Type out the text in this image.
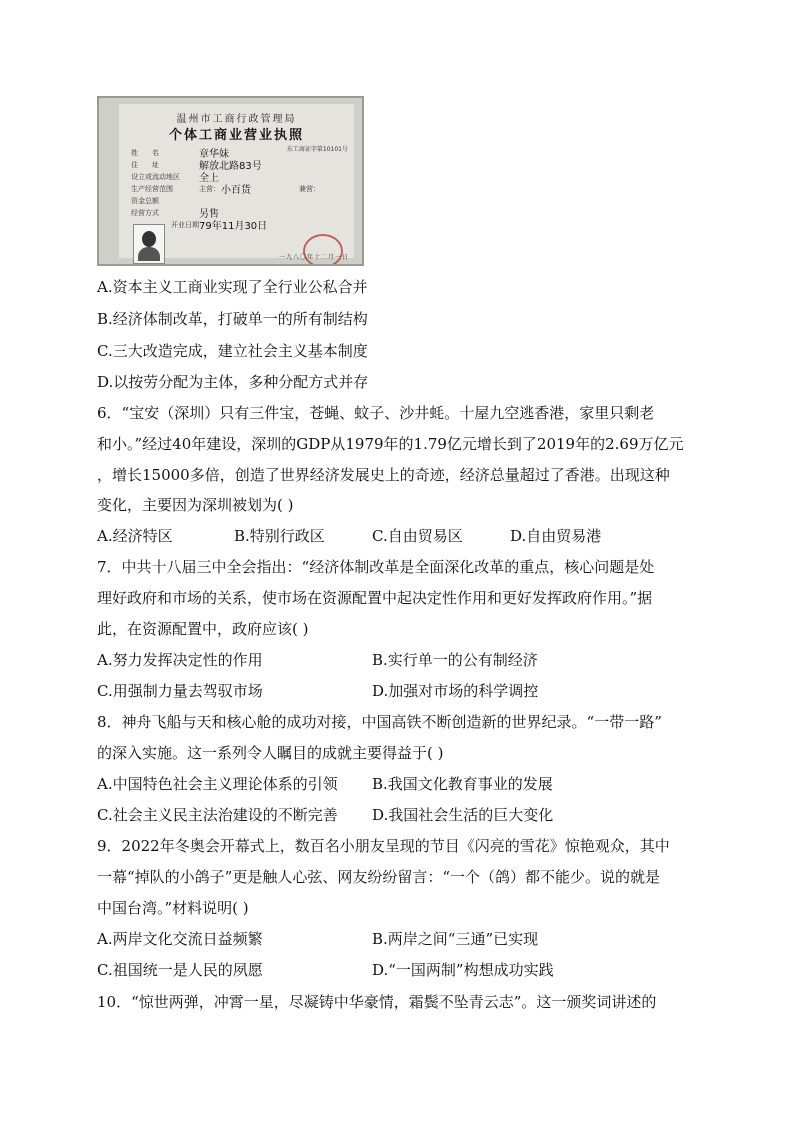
温州市工商行政管理局
个体工商业营业执照
东工商证字第10101号
姓　　名	章华妹
住　　址	解放北路83号
设立或流动地区	全上
生产经营范围	主营： 小百货	兼营：
资金总额
经营方式	另售
开业日期 79年11月30日
一九八〇年十二月一日
A.资本主义工商业实现了全行业公私合并
B.经济体制改革，打破单一的所有制结构
C.三大改造完成，建立社会主义基本制度
D.以按劳分配为主体，多种分配方式并存
6．“宝安（深圳）只有三件宝，苍蝇、蚊子、沙井蚝。十屋九空逃香港，家里只剩老
和小。”经过40年建设，深圳的GDP从1979年的1.79亿元增长到了2019年的2.69万亿元
，增长15000多倍，创造了世界经济发展史上的奇迹，经济总量超过了香港。出现这种
变化，主要因为深圳被划为( )
A.经济特区	B.特别行政区	C.自由贸易区	D.自由贸易港
7．中共十八届三中全会指出：“经济体制改革是全面深化改革的重点，核心问题是处
理好政府和市场的关系，使市场在资源配置中起决定性作用和更好发挥政府作用。”据
此，在资源配置中，政府应该( )
A.努力发挥决定性的作用	B.实行单一的公有制经济
C.用强制力量去驾驭市场	D.加强对市场的科学调控
8．神舟飞船与天和核心舱的成功对接，中国高铁不断创造新的世界纪录。“一带一路”
的深入实施。这一系列令人瞩目的成就主要得益于( )
A.中国特色社会主义理论体系的引领 B.我国文化教育事业的发展
C.社会主义民主法治建设的不断完善 D.我国社会生活的巨大变化
9．2022年冬奥会开幕式上，数百名小朋友呈现的节目《闪亮的雪花》惊艳观众，其中
一幕“掉队的小鸽子”更是触人心弦、网友纷纷留言：“一个（鸽）都不能少。说的就是
中国台湾。”材料说明( )
A.两岸文化交流日益频繁	B.两岸之间“三通”已实现
C.祖国统一是人民的夙愿	D.“一国两制”构想成功实践
10．“惊世两弹，冲霄一星，尽凝铸中华豪情，霜鬓不坠青云志”。这一颁奖词讲述的
